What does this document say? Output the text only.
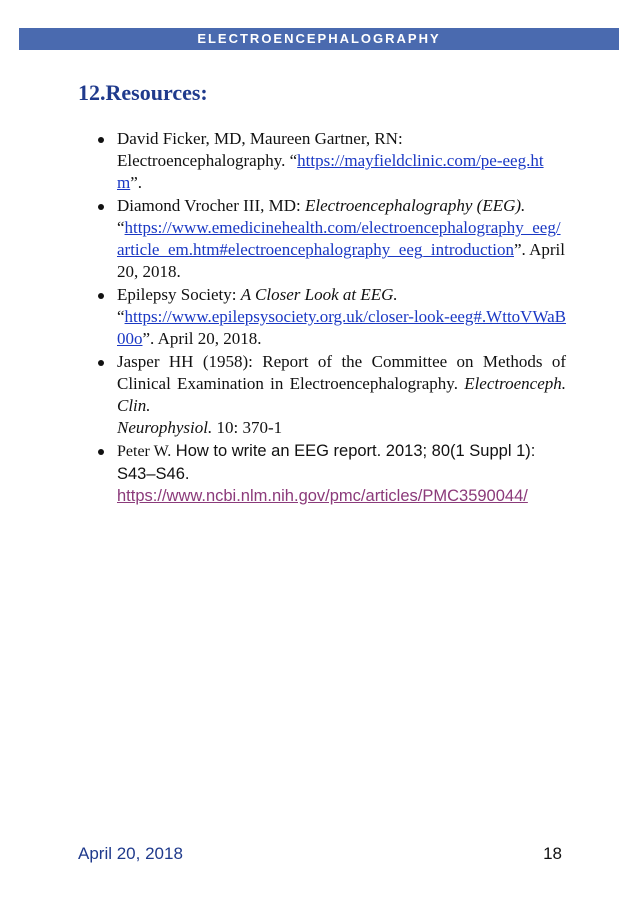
ELECTROENCEPHALOGRAPHY
12.Resources:
David Ficker, MD, Maureen Gartner, RN: Electroencephalography. “https://mayfieldclinic.com/pe-eeg.htm”.
Diamond Vrocher III, MD: Electroencephalography (EEG).
“https://www.emedicinehealth.com/electroencephalography_eeg/article_em.htm#electroencephalography_eeg_introduction”. April 20, 2018.
Epilepsy Society: A Closer Look at EEG.
“https://www.epilepsysociety.org.uk/closer-look-eeg#.WttoVWaB00o”. April 20, 2018.
Jasper HH (1958): Report of the Committee on Methods of Clinical Examination in Electroencephalography. Electroenceph. Clin.
Neurophysiol. 10: 370-1
Peter W. How to write an EEG report. 2013; 80(1 Suppl 1): S43–S46.
https://www.ncbi.nlm.nih.gov/pmc/articles/PMC3590044/
April 20, 2018	18
